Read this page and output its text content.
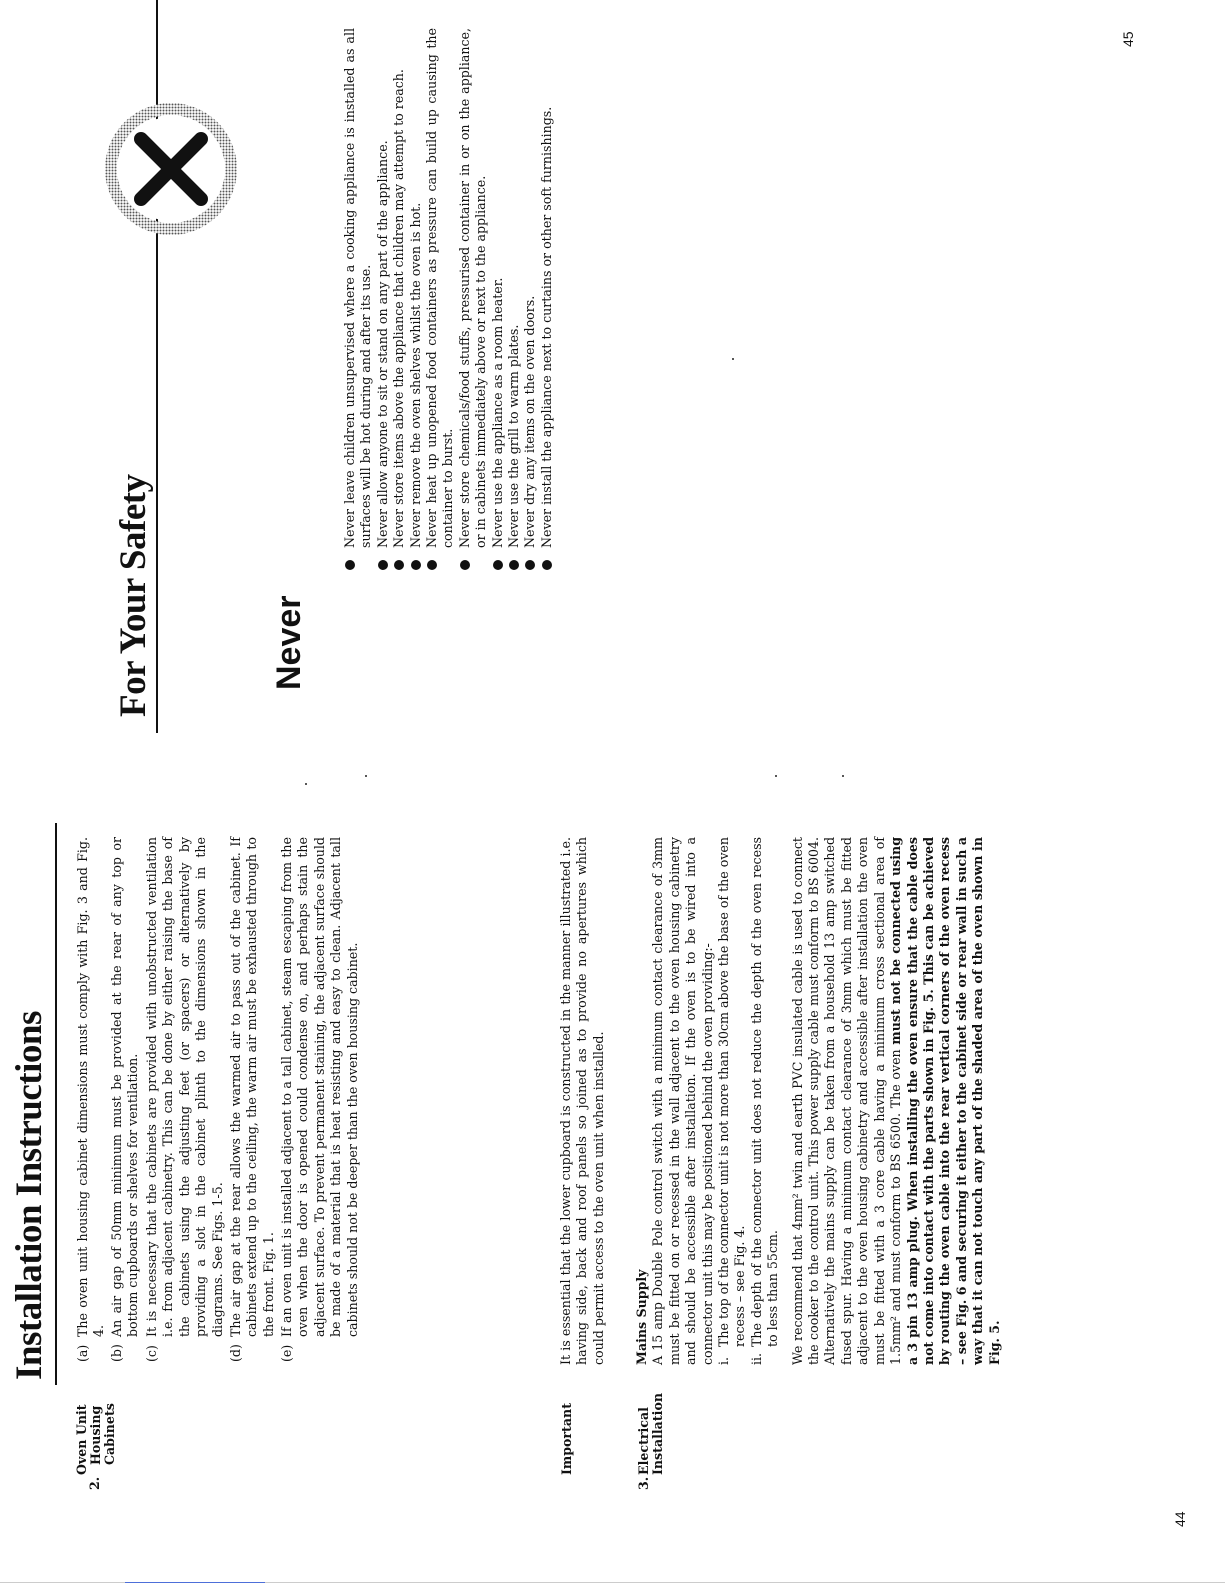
Installation Instructions
2.
Oven Unit Housing Cabinets
(a)
The oven unit housing cabinet dimensions must comply with Fig. 3 and Fig. 4.
(b)
An air gap of 50mm minimum must be provided at the rear of any top or bottom cupboards or shelves for ventilation.
(c)
It is necessary that the cabinets are provided with unobstructed ventilation i.e. from adjacent cabinetry. This can be done by either raising the base of the cabinets using the adjusting feet (or spacers) or alternatively by providing a slot in the cabinet plinth to the dimensions shown in the diagrams. See Figs. 1-5.
(d)
The air gap at the rear allows the warmed air to pass out of the cabinet. If cabinets extend up to the ceiling, the warm air must be exhausted through to the front. Fig. 1.
(e)
If an oven unit is installed adjacent to a tall cabinet, steam escaping from the oven when the door is opened could condense on, and perhaps stain the adjacent surface. To prevent permanent staining, the adjacent surface should be made of a material that is heat resisting and easy to clean. Adjacent tall cabinets should not be deeper than the oven housing cabinet.
Important
It is essential that the lower cupboard is constructed in the manner illustrated i.e. having side, back and roof panels so joined as to provide no apertures which could permit access to the oven unit when installed.
3.
Electrical Installation

Mains Supply A 15 amp Double Pole control switch with a minimum contact clearance of 3mm must be fitted on or recessed in the wall adjacent to the oven housing cabinetry and should be accessible after installation. If the oven is to be wired into a connector unit this may be positioned behind the oven providing:- i.
The top of the connector unit is not more than 30cm above the base of the oven recess – see Fig. 4.

ii.
The depth of the connector unit does not reduce the depth of the oven recess to less than 55cm. We recommend that 4mm² twin and earth PVC insulated cable is used to connect the cooker to the control unit. This power supply cable must conform to BS 6004. Alternatively the mains supply can be taken from a household 13 amp switched fused spur. Having a minimum contact clearance of 3mm which must be fitted adjacent to the oven housing cabinetry and accessible after installation the oven must be fitted with a 3 core cable having a minimum cross sectional area of 1.5mm² and must conform to BS 6500. The oven must not be connected using a 3 pin 13 amp plug. When installing the oven ensure that the cable does not come into contact with the parts shown in Fig. 5. This can be achieved by routing the oven cable into the rear vertical corners of the oven recess – see Fig. 6 and securing it either to the cabinet side or rear wall in such a way that it can not touch any part of the shaded area of the oven shown in Fig. 5.

44
For Your Safety	Never
Never leave children unsupervised where a cooking appliance is installed as all surfaces will be hot during and after its use. Never allow anyone to sit or stand on any part of the appliance. Never store items above the appliance that children may attempt to reach. Never remove the oven shelves whilst the oven is hot. Never heat up unopened food containers as pressure can build up causing the container to burst. Never store chemicals/food stuffs, pressurised container in or on the appliance, or in cabinets immediately above or next to the appliance. Never use the appliance as a room heater. Never use the grill to warm plates. Never dry any items on the oven doors. Never install the appliance next to curtains or other soft furnishings.
45
